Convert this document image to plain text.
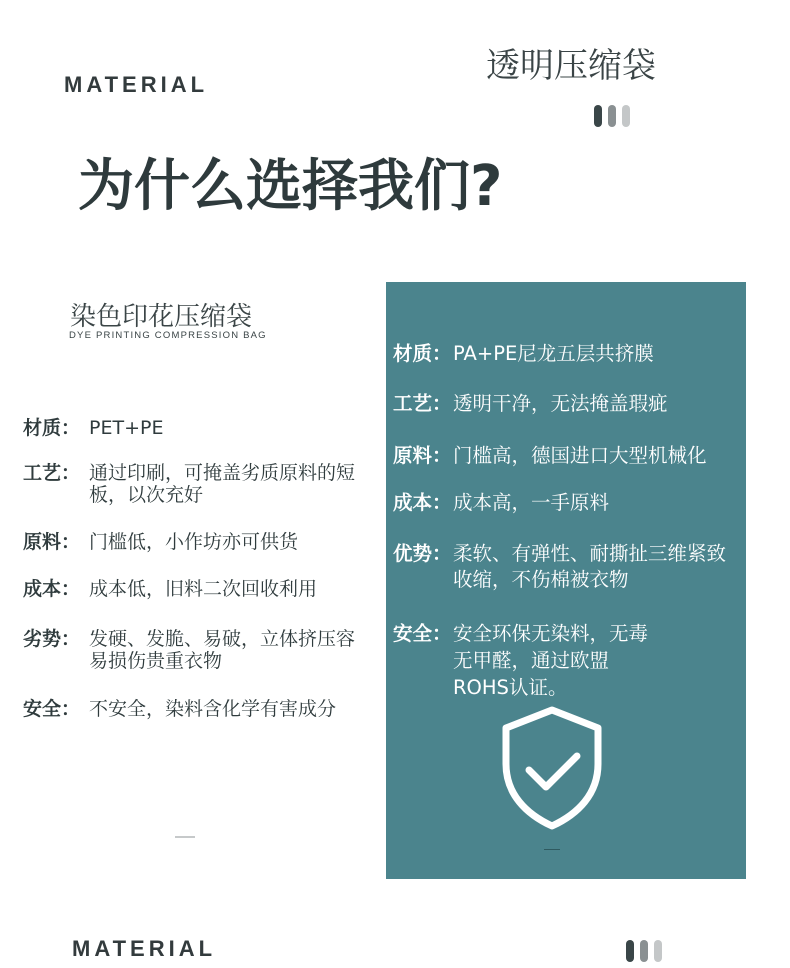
MATERIAL	透明压缩袋
为什么选择我们?
染色印花压缩袋
DYE PRINTING COMPRESSION BAG
材质： PET+PE
工艺： 通过印刷，可掩盖劣质原料的短板，以次充好
原料： 门槛低，小作坊亦可供货
成本： 成本低，旧料二次回收利用
劣势： 发硬、发脆、易破，立体挤压容易损伤贵重衣物
安全： 不安全，染料含化学有害成分
材质： PA+PE尼龙五层共挤膜
工艺： 透明干净，无法掩盖瑕疵
原料： 门槛高，德国进口大型机械化
成本： 成本高，一手原料
优势： 柔软、有弹性、耐撕扯三维紧致收缩，不伤棉被衣物
安全： 安全环保无染料，无毒无甲醛，通过欧盟ROHS认证。
MATERIAL
